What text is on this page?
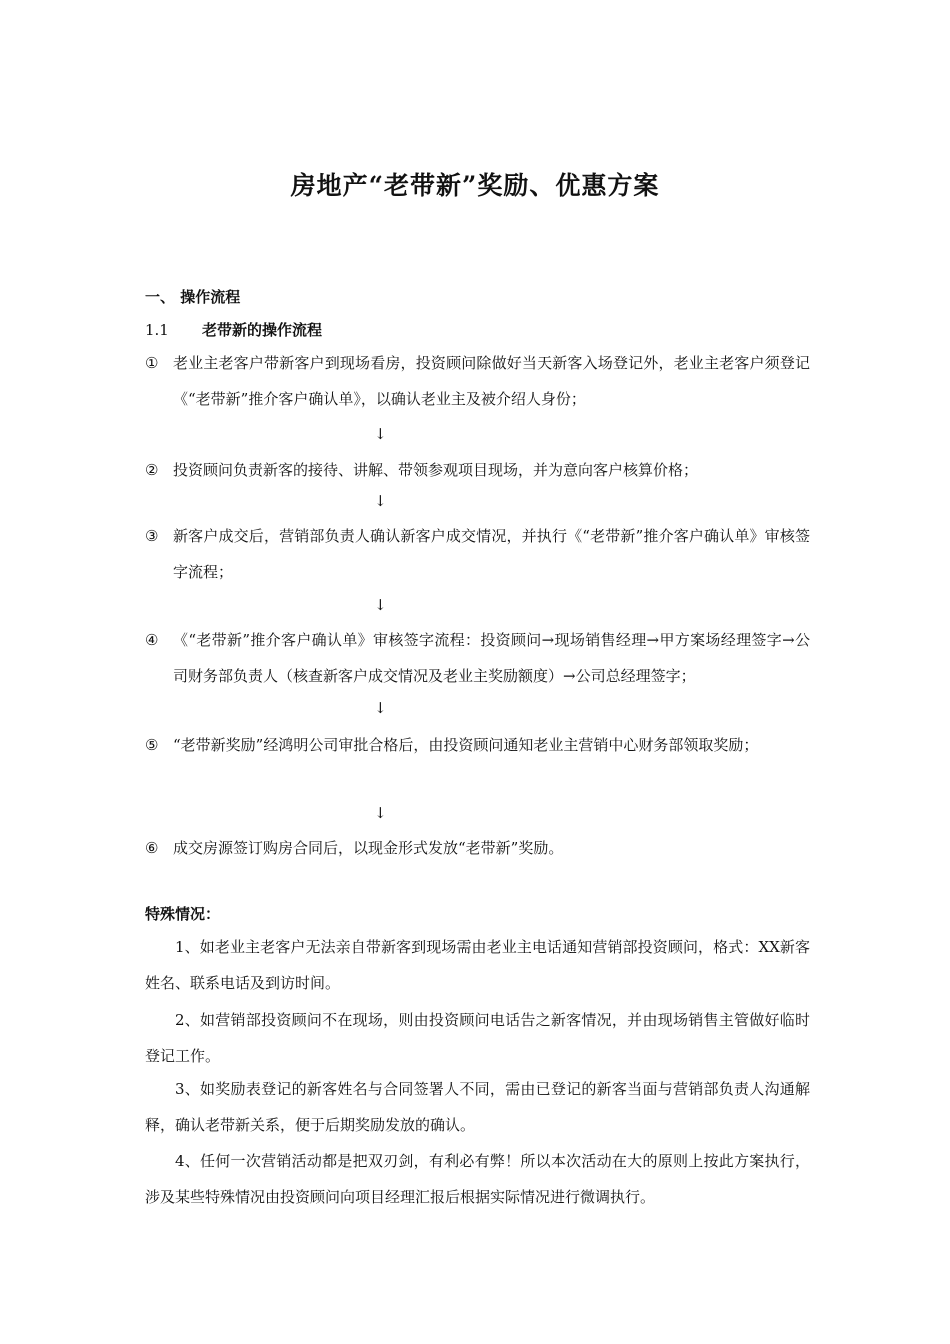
房地产“老带新”奖励、优惠方案
一、 操作流程
1.1 老带新的操作流程
① 老业主老客户带新客户到现场看房，投资顾问除做好当天新客入场登记外，老业主老客户须登记《“老带新”推介客户确认单》，以确认老业主及被介绍人身份；
↓
② 投资顾问负责新客的接待、讲解、带领参观项目现场，并为意向客户核算价格；
↓
③ 新客户成交后，营销部负责人确认新客户成交情况，并执行《“老带新”推介客户确认单》审核签字流程；
↓
④ 《“老带新”推介客户确认单》审核签字流程：投资顾问→现场销售经理→甲方案场经理签字→公司财务部负责人（核查新客户成交情况及老业主奖励额度）→公司总经理签字；
↓
⑤ “老带新奖励”经鸿明公司审批合格后，由投资顾问通知老业主营销中心财务部领取奖励；
↓
⑥ 成交房源签订购房合同后，以现金形式发放“老带新”奖励。
特殊情况：
1、如老业主老客户无法亲自带新客到现场需由老业主电话通知营销部投资顾问，格式：XX新客姓名、联系电话及到访时间。
2、如营销部投资顾问不在现场，则由投资顾问电话告之新客情况，并由现场销售主管做好临时登记工作。
3、如奖励表登记的新客姓名与合同签署人不同，需由已登记的新客当面与营销部负责人沟通解释，确认老带新关系，便于后期奖励发放的确认。
4、任何一次营销活动都是把双刃剑，有利必有弊！所以本次活动在大的原则上按此方案执行，涉及某些特殊情况由投资顾问向项目经理汇报后根据实际情况进行微调执行。
